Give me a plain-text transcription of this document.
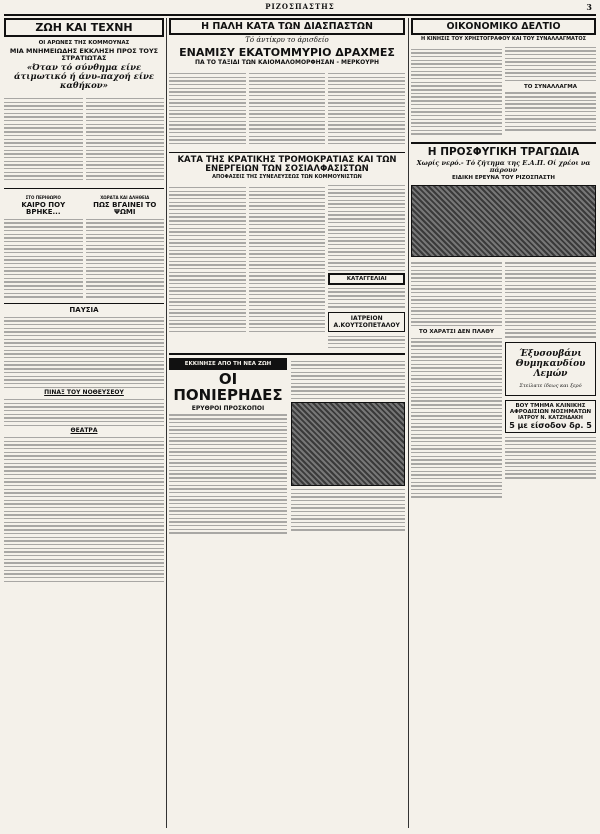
ΡΙΖΟΣΠΑΣΤΗΣ	3
ΖΩΗ ΚΑΙ ΤΕΧΝΗ
ΟΙ ΑΡΩΝΕΣ ΤΗΣ ΚΟΜΜΟΥΝΑΣ
ΜΙΑ ΜΝΗΜΕΙΩΔΗΣ ΕΚΚΛΗΣΗ ΠΡΟΣ ΤΟΥΣ ΣΤΡΑΤΙΩΤΑΣ
«Όταν τό σύνθημα είνε άτιμωτικό ή άνυ-παχοή είνε καθήκον»
ΣΤΟ ΠΕΡΙΘΩΡΙΟ
ΚΑΙΡΟ ΠΟΥ ΒΡΗΚΕ...
ΧΩΡΑΤΑ ΚΑΙ ΑΛΗΘΕΙΑ
ΠΩΣ ΒΓΑΙΝΕΙ ΤΟ ΨΩΜΙ
ΠΑΥΣΙΑ
ΠΙΝΑΞ ΤΟΥ ΝΟΘΕΥΣΕΟΥ
ΘΕΑΤΡΑ
Η ΠΑΛΗ ΚΑΤΑ ΤΩΝ ΔΙΑΣΠΑΣΤΩΝ
Τό άντίκρυ το άρισδείο
ΕΝΑΜΙΣΥ ΕΚΑΤΟΜΜΥΡΙΟ ΔΡΑΧΜΕΣ
ΠΑ ΤΟ ΤΑΞΙΔΙ ΤΩΝ ΚΑΙΟΜΑΛΟΜΟΡΦΗΣΑΝ - ΜΕΡΚΟΥΡΗ
ΚΑΤΑ ΤΗΣ ΚΡΑΤΙΚΗΣ ΤΡΟΜΟΚΡΑΤΙΑΣ ΚΑΙ ΤΩΝ ΕΝΕΡΓΕΙΩΝ ΤΩΝ ΣΟΣΙΑΛΦΑΣΙΣΤΩΝ
ΑΠΟΦΑΣΕΙΣ ΤΗΣ ΣΥΝΕΛΕΥΣΕΩΣ ΤΩΝ ΚΟΜΜΟΥΝΙΣΤΩΝ
ΚΑΤΑΓΓΕΛΙΑΙ
ΙΑΤΡΕΙΟΝ Α.ΚΟΥΤΣΟΠΕΤΑΛΟΥ
ΕΚΚΙΝΗΣΕ ΑΠΟ ΤΗ ΝΕΑ ΖΩΗ
ΟΙ ΠΟΝΙΕΡΗΔΕΣ
ΕΡΥΘΡΟΙ ΠΡΟΣΚΟΠΟΙ
ΟΙΚΟΝΟΜΙΚΟ ΔΕΛΤΙΟ
Η ΚΙΝΗΣΙΣ ΤΟΥ ΧΡΗΣΤΟΓΡΑΦΟΥ ΚΑΙ ΤΟΥ ΣΥΝΑΛΛΑΓΜΑΤΟΣ
ΤΟ ΣΥΝΑΛΛΑΓΜΑ
Η ΠΡΟΣΦΥΓΙΚΗ ΤΡΑΓΩΔΙΑ
Χωρίς νερό.- Τό ζήτημα της Ε.Α.Π. Οί χρέοι να πάρουν
ΕΙΔΙΚΗ ΕΡΕΥΝΑ ΤΟΥ ΡΙΖΟΣΠΑΣΤΗ
ΤΟ ΧΑΡΑΤΣΙ ΔΕΝ ΠΛΑΘΥ
Έξυσουβάνι Θυμηκανδίου Λεμών
Στείλατε ίδεως και ξερό
ΒΟΥ ΤΜΗΜΑ ΚΛΙΝΙΚΗΣ ΑΦΡΟΔΙΣΙΩΝ ΝΟΣΗΜΑΤΩΝ
ΙΑΤΡΟΥ Ν. ΚΑΤΖΗΔΑΚΗ
5 με είσοδον δρ. 5
